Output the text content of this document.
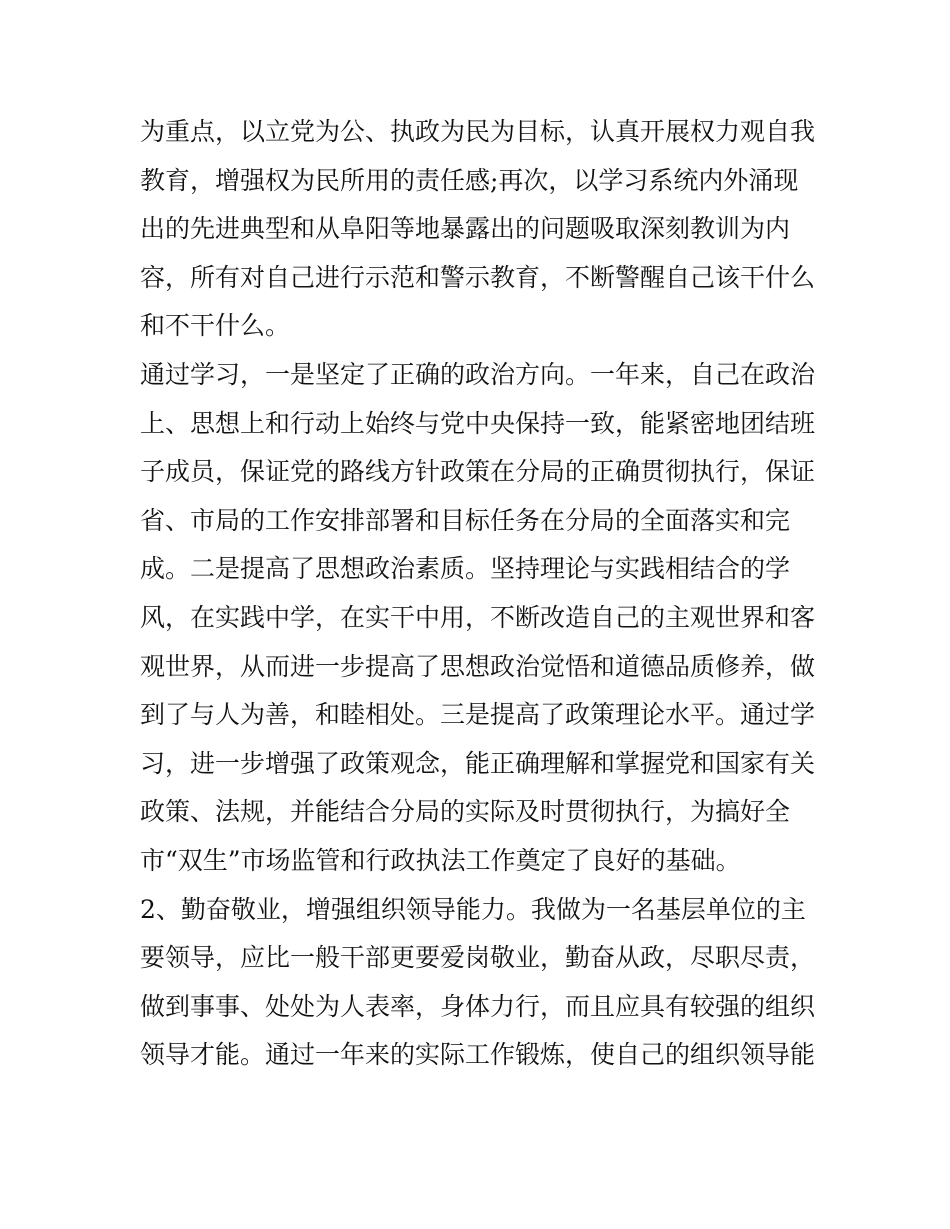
为重点，以立党为公、执政为民为目标，认真开展权力观自我
教育，增强权为民所用的责任感;再次，以学习系统内外涌现
出的先进典型和从阜阳等地暴露出的问题吸取深刻教训为内
容，所有对自己进行示范和警示教育，不断警醒自己该干什么
和不干什么。
通过学习，一是坚定了正确的政治方向。一年来，自己在政治
上、思想上和行动上始终与党中央保持一致，能紧密地团结班
子成员，保证党的路线方针政策在分局的正确贯彻执行，保证
省、市局的工作安排部署和目标任务在分局的全面落实和完
成。二是提高了思想政治素质。坚持理论与实践相结合的学
风，在实践中学，在实干中用，不断改造自己的主观世界和客
观世界，从而进一步提高了思想政治觉悟和道德品质修养，做
到了与人为善，和睦相处。三是提高了政策理论水平。通过学
习，进一步增强了政策观念，能正确理解和掌握党和国家有关
政策、法规，并能结合分局的实际及时贯彻执行，为搞好全
市“双生”市场监管和行政执法工作奠定了良好的基础。
2、勤奋敬业，增强组织领导能力。我做为一名基层单位的主
要领导，应比一般干部更要爱岗敬业，勤奋从政，尽职尽责，
做到事事、处处为人表率，身体力行，而且应具有较强的组织
领导才能。通过一年来的实际工作锻炼，使自己的组织领导能
